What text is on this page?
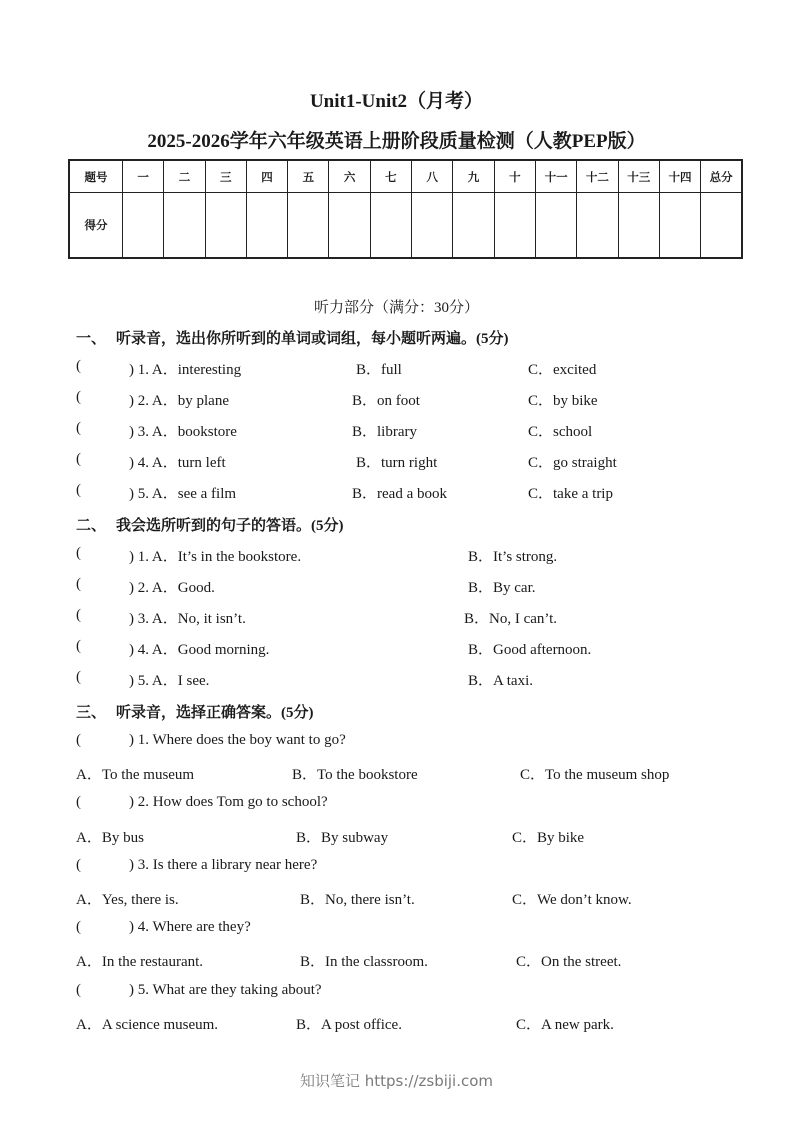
Unit1-Unit2（月考）
2025-2026学年六年级英语上册阶段质量检测（人教PEP版）
题号	一	二	三	四	五	六	七	八	九	十	十一	十二	十三	十四	总分
得分															
听力部分（满分：30分）
一、 听录音，选出你所听到的单词或词组，每小题听两遍。(5分)
(	) 1. A．interesting	B．full	C．excited
(	) 2. A．by plane	B．on foot	C．by bike
(	) 3. A．bookstore	B．library	C．school
(	) 4. A．turn left	B．turn right	C．go straight
(	) 5. A．see a film	B．read a book	C．take a trip
二、 我会选所听到的句子的答语。(5分)
(	) 1. A．It’s in the bookstore.	B．It’s strong.
(	) 2. A．Good.	B．By car.
(	) 3. A．No, it isn’t.	B．No, I can’t.
(	) 4. A．Good morning.	B．Good afternoon.
(	) 5. A．I see.	B．A taxi.
三、 听录音，选择正确答案。(5分)
(	) 1. Where does the boy want to go?
A．To the museum	B．To the bookstore	C．To the museum shop
(	) 2. How does Tom go to school?
A．By bus	B．By subway	C．By bike
(	) 3. Is there a library near here?
A．Yes, there is.	B．No, there isn’t.	C．We don’t know.
(	) 4. Where are they?
A．In the restaurant.	B．In the classroom.	C．On the street.
(	) 5. What are they taking about?
A．A science museum.	B．A post office.	C．A new park.
知识笔记 https://zsbiji.com
